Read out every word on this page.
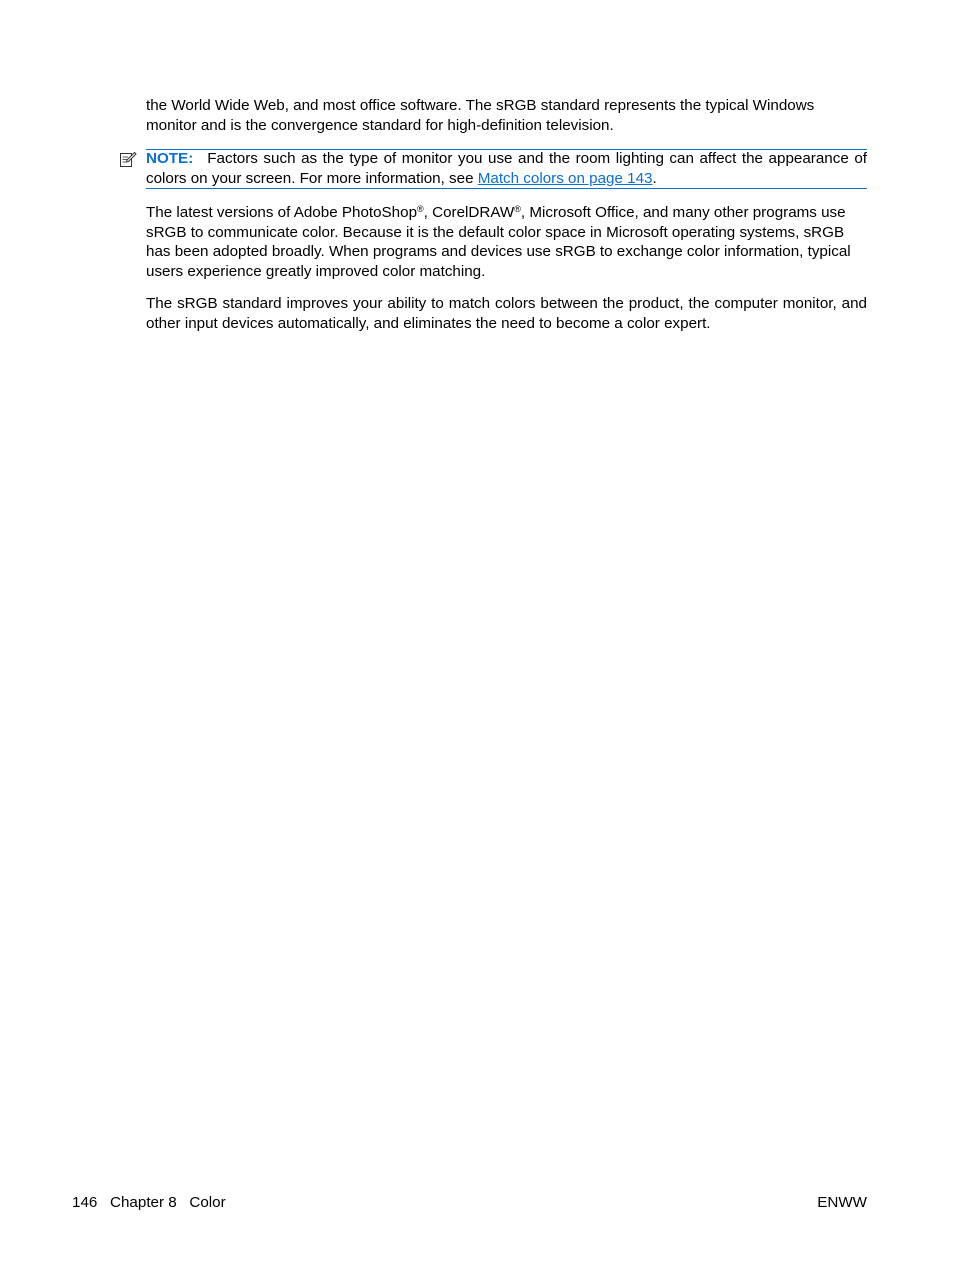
the World Wide Web, and most office software. The sRGB standard represents the typical Windows monitor and is the convergence standard for high-definition television.

NOTE: Factors such as the type of monitor you use and the room lighting can affect the appearance of colors on your screen. For more information, see Match colors on page 143.

The latest versions of Adobe PhotoShop®, CorelDRAW®, Microsoft Office, and many other programs use sRGB to communicate color. Because it is the default color space in Microsoft operating systems, sRGB has been adopted broadly. When programs and devices use sRGB to exchange color information, typical users experience greatly improved color matching.

The sRGB standard improves your ability to match colors between the product, the computer monitor, and other input devices automatically, and eliminates the need to become a color expert.

146 Chapter 8 Color	ENWW
